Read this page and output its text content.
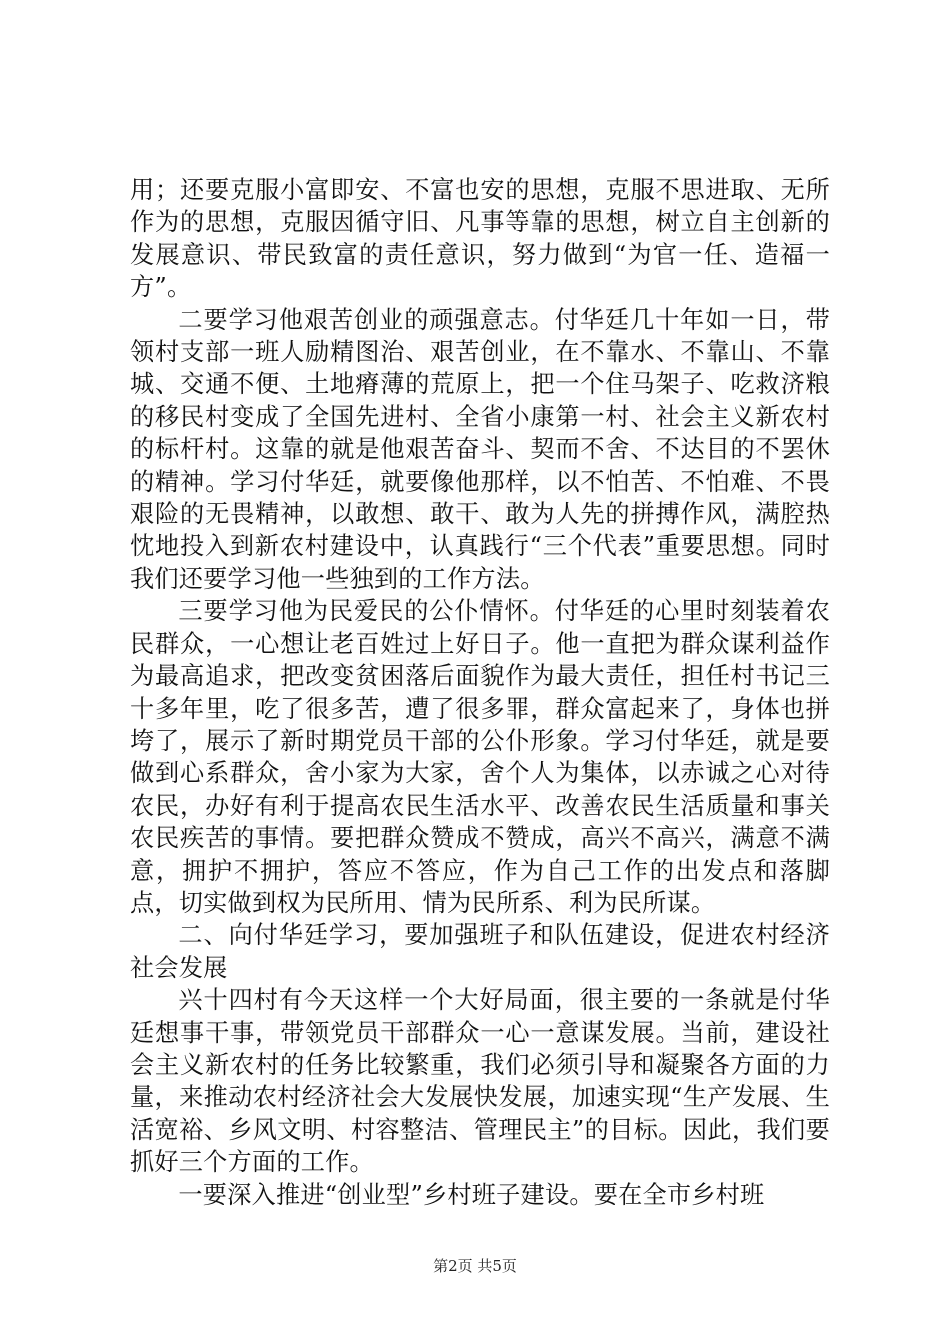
用；还要克服小富即安、不富也安的思想，克服不思进取、无所作为的思想，克服因循守旧、凡事等靠的思想，树立自主创新的发展意识、带民致富的责任意识，努力做到“为官一任、造福一方”。

二要学习他艰苦创业的顽强意志。付华廷几十年如一日，带领村支部一班人励精图治、艰苦创业，在不靠水、不靠山、不靠城、交通不便、土地瘠薄的荒原上，把一个住马架子、吃救济粮的移民村变成了全国先进村、全省小康第一村、社会主义新农村的标杆村。这靠的就是他艰苦奋斗、契而不舍、不达目的不罢休的精神。学习付华廷，就要像他那样，以不怕苦、不怕难、不畏艰险的无畏精神，以敢想、敢干、敢为人先的拼搏作风，满腔热忱地投入到新农村建设中，认真践行“三个代表”重要思想。同时我们还要学习他一些独到的工作方法。

三要学习他为民爱民的公仆情怀。付华廷的心里时刻装着农民群众，一心想让老百姓过上好日子。他一直把为群众谋利益作为最高追求，把改变贫困落后面貌作为最大责任，担任村书记三十多年里，吃了很多苦，遭了很多罪，群众富起来了，身体也拼垮了，展示了新时期党员干部的公仆形象。学习付华廷，就是要做到心系群众，舍小家为大家，舍个人为集体，以赤诚之心对待农民，办好有利于提高农民生活水平、改善农民生活质量和事关农民疾苦的事情。要把群众赞成不赞成，高兴不高兴，满意不满意，拥护不拥护，答应不答应，作为自己工作的出发点和落脚点，切实做到权为民所用、情为民所系、利为民所谋。

二、向付华廷学习，要加强班子和队伍建设，促进农村经济社会发展

兴十四村有今天这样一个大好局面，很主要的一条就是付华廷想事干事，带领党员干部群众一心一意谋发展。当前，建设社会主义新农村的任务比较繁重，我们必须引导和凝聚各方面的力量，来推动农村经济社会大发展快发展，加速实现“生产发展、生活宽裕、乡风文明、村容整洁、管理民主”的目标。因此，我们要抓好三个方面的工作。

一要深入推进“创业型”乡村班子建设。要在全市乡村班

第2页 共5页
